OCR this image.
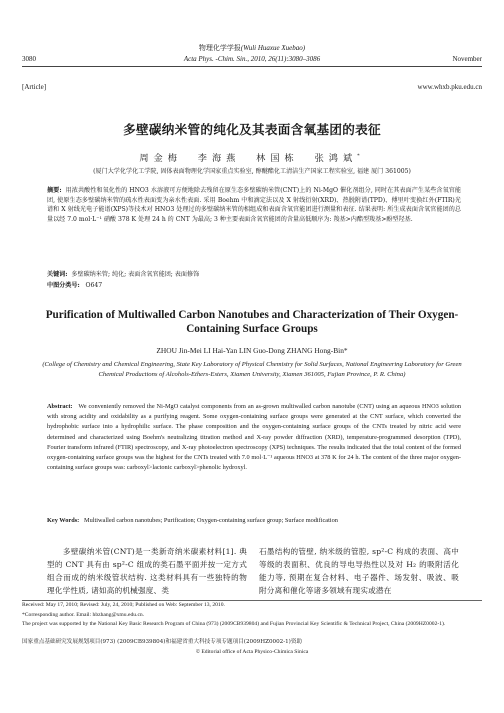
物理化学学报(Wuli Huaxue Xuebao)
3080	Acta Phys. -Chim. Sin., 2010, 26(11):3080–3086	November
[Article]	www.whxb.pku.edu.cn
多壁碳纳米管的纯化及其表面含氧基团的表征
周金梅 李海燕 林国栋 张鸿斌*
(厦门大学化学化工学院, 固体表面物理化学国家重点实验室, 醇醚酯化工清洁生产国家工程实验室, 福建 厦门 361005)
摘要: 用浓共酸性和氧化性的 HNO3 水溶液可方便地除去残留在原生态多壁碳纳米管(CNT)上的 Ni-MgO 催化剂组分, 同时在其表面产生某些含氧官能团, 使原生态多壁碳纳米管的疏水性表面变为亲水性表面. 采用 Boehm 中和滴定法以及 X 射线衍射(XRD)、热脱附谱(TPD)、傅里叶变换红外(FTIR)光谱和 X 射线光电子能谱(XPS)等技术对 HNO3 处理过的多壁碳纳米管的相组成和表面含氧官能团进行测量和表征. 结果表明: 所生成表面含氧官能团的总量以经 7.0 mol·L⁻¹ 硝酸 378 K 处理 24 h 的 CNT 为最高; 3 种主要表面含氧官能团的含量高低顺序为: 羧基>内酯型羧基>酚型羟基.
关键词: 多壁碳纳米管; 纯化; 表面含氧官能团; 表面修饰
中图分类号: O647
Purification of Multiwalled Carbon Nanotubes and Characterization of Their Oxygen-Containing Surface Groups
ZHOU Jin-Mei LI Hai-Yan LIN Guo-Dong ZHANG Hong-Bin*
(College of Chemistry and Chemical Engineering, State Key Laboratory of Physical Chemistry for Solid Surfaces, National Engineering Laboratory for Green Chemical Productions of Alcohols-Ethers-Esters, Xiamen University, Xiamen 361005, Fujian Province, P. R. China)
Abstract: We conveniently removed the Ni-MgO catalyst components from an as-grown multiwalled carbon nanotube (CNT) using an aqueous HNO3 solution with strong acidity and oxidability as a purifying reagent. Some oxygen-containing surface groups were generated at the CNT surface, which converted the hydrophobic surface into a hydrophilic surface. The phase composition and the oxygen-containing surface groups of the CNTs treated by nitric acid were determined and characterized using Boehm's neutralizing titration method and X-ray powder diffraction (XRD), temperature-programmed desorption (TPD), Fourier transform infrared (FTIR) spectroscopy, and X-ray photoelectron spectroscopy (XPS) techniques. The results indicated that the total content of the formed oxygen-containing surface groups was the highest for the CNTs treated with 7.0 mol·L⁻¹ aqueous HNO3 at 378 K for 24 h. The content of the three major oxygen-containing surface groups was: carboxyl>lactonic carboxyl>phenolic hydroxyl.
Key Words: Multiwalled carbon nanotubes; Purification; Oxygen-containing surface group; Surface modification
　　多壁碳纳米管(CNT)是一类新奇纳米碳素材料[1]. 典型的 CNT 具有由 sp²-C 组成的类石墨平面并按一定方式组合而成的纳米级管状结构. 这类材料具有一些独特的物理化学性质, 诸如高的机械强度、类
石墨结构的管壁, 纳米级的管腔, sp²-C 构成的表面、高中等级的表面积、优良的导电导热性以及对 H₂ 的吸附活化能力等, 预期在复合材料、电子器件、场发射、吸波、吸附分离和催化等诸多领域有现实或潜在
Received: May 17, 2010; Revised: July, 24, 2010; Published on Web: September 13, 2010.
*Corresponding author. Email: hbzhang@xmu.edu.cn.
The project was supported by the National Key Basic Research Program of China (973) (2009CB939804) and Fujian Provincial Key Scientific & Technical Project, China (2009HZ0002-1).
国家重点基础研究发展规划项目(973) (2009CB939804)和福建省重大科技专项专题项目(2009HZ0002-1)资助
© Editorial office of Acta Physico-Chimica Sinica
